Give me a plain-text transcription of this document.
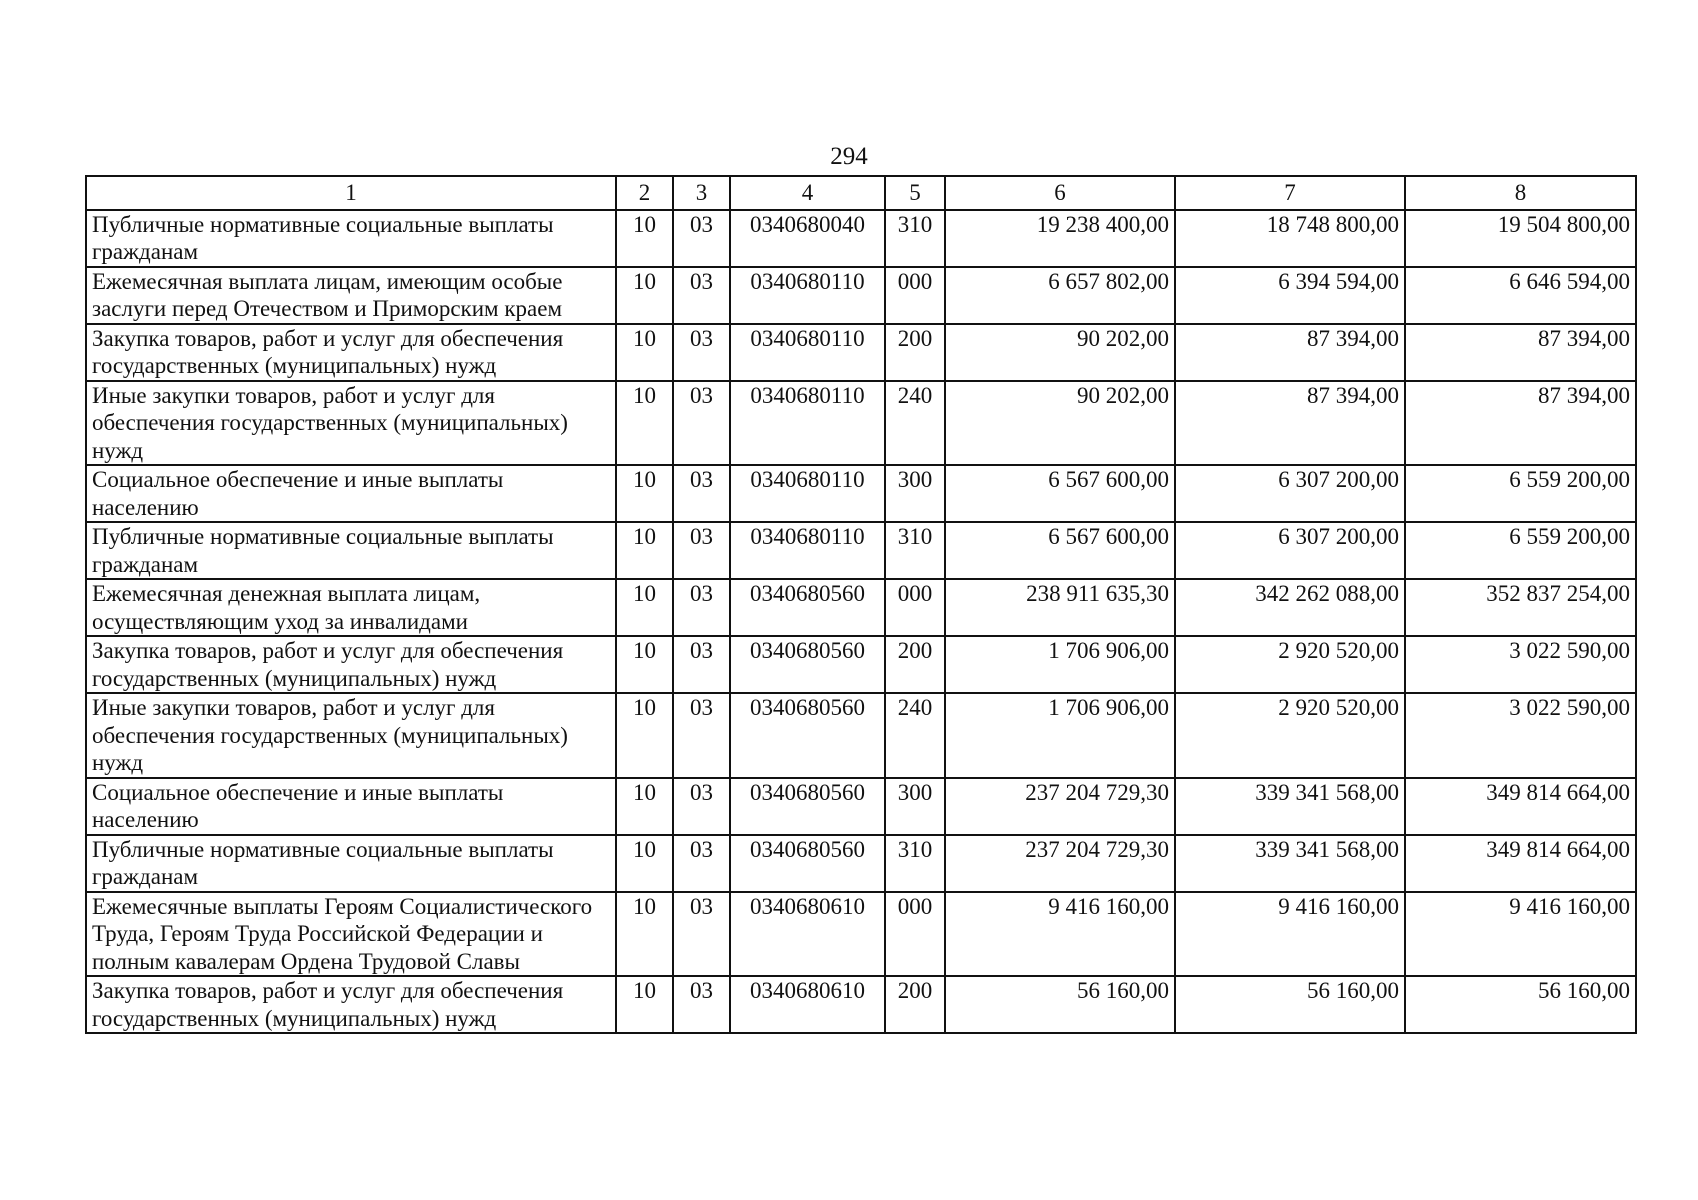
294
1	2	3	4	5	6	7	8
Публичные нормативные социальные выплаты гражданам	10	03	0340680040	310	19 238 400,00	18 748 800,00	19 504 800,00
Ежемесячная выплата лицам, имеющим особые заслуги перед Отечеством и Приморским краем	10	03	0340680110	000	6 657 802,00	6 394 594,00	6 646 594,00
Закупка товаров, работ и услуг для обеспечения государственных (муниципальных) нужд	10	03	0340680110	200	90 202,00	87 394,00	87 394,00
Иные закупки товаров, работ и услуг для обеспечения государственных (муниципальных) нужд	10	03	0340680110	240	90 202,00	87 394,00	87 394,00
Социальное обеспечение и иные выплаты населению	10	03	0340680110	300	6 567 600,00	6 307 200,00	6 559 200,00
Публичные нормативные социальные выплаты гражданам	10	03	0340680110	310	6 567 600,00	6 307 200,00	6 559 200,00
Ежемесячная денежная выплата лицам, осуществляющим уход за инвалидами	10	03	0340680560	000	238 911 635,30	342 262 088,00	352 837 254,00
Закупка товаров, работ и услуг для обеспечения государственных (муниципальных) нужд	10	03	0340680560	200	1 706 906,00	2 920 520,00	3 022 590,00
Иные закупки товаров, работ и услуг для обеспечения государственных (муниципальных) нужд	10	03	0340680560	240	1 706 906,00	2 920 520,00	3 022 590,00
Социальное обеспечение и иные выплаты населению	10	03	0340680560	300	237 204 729,30	339 341 568,00	349 814 664,00
Публичные нормативные социальные выплаты гражданам	10	03	0340680560	310	237 204 729,30	339 341 568,00	349 814 664,00
Ежемесячные выплаты Героям Социалистического Труда, Героям Труда Российской Федерации и полным кавалерам Ордена Трудовой Славы	10	03	0340680610	000	9 416 160,00	9 416 160,00	9 416 160,00
Закупка товаров, работ и услуг для обеспечения государственных (муниципальных) нужд	10	03	0340680610	200	56 160,00	56 160,00	56 160,00
